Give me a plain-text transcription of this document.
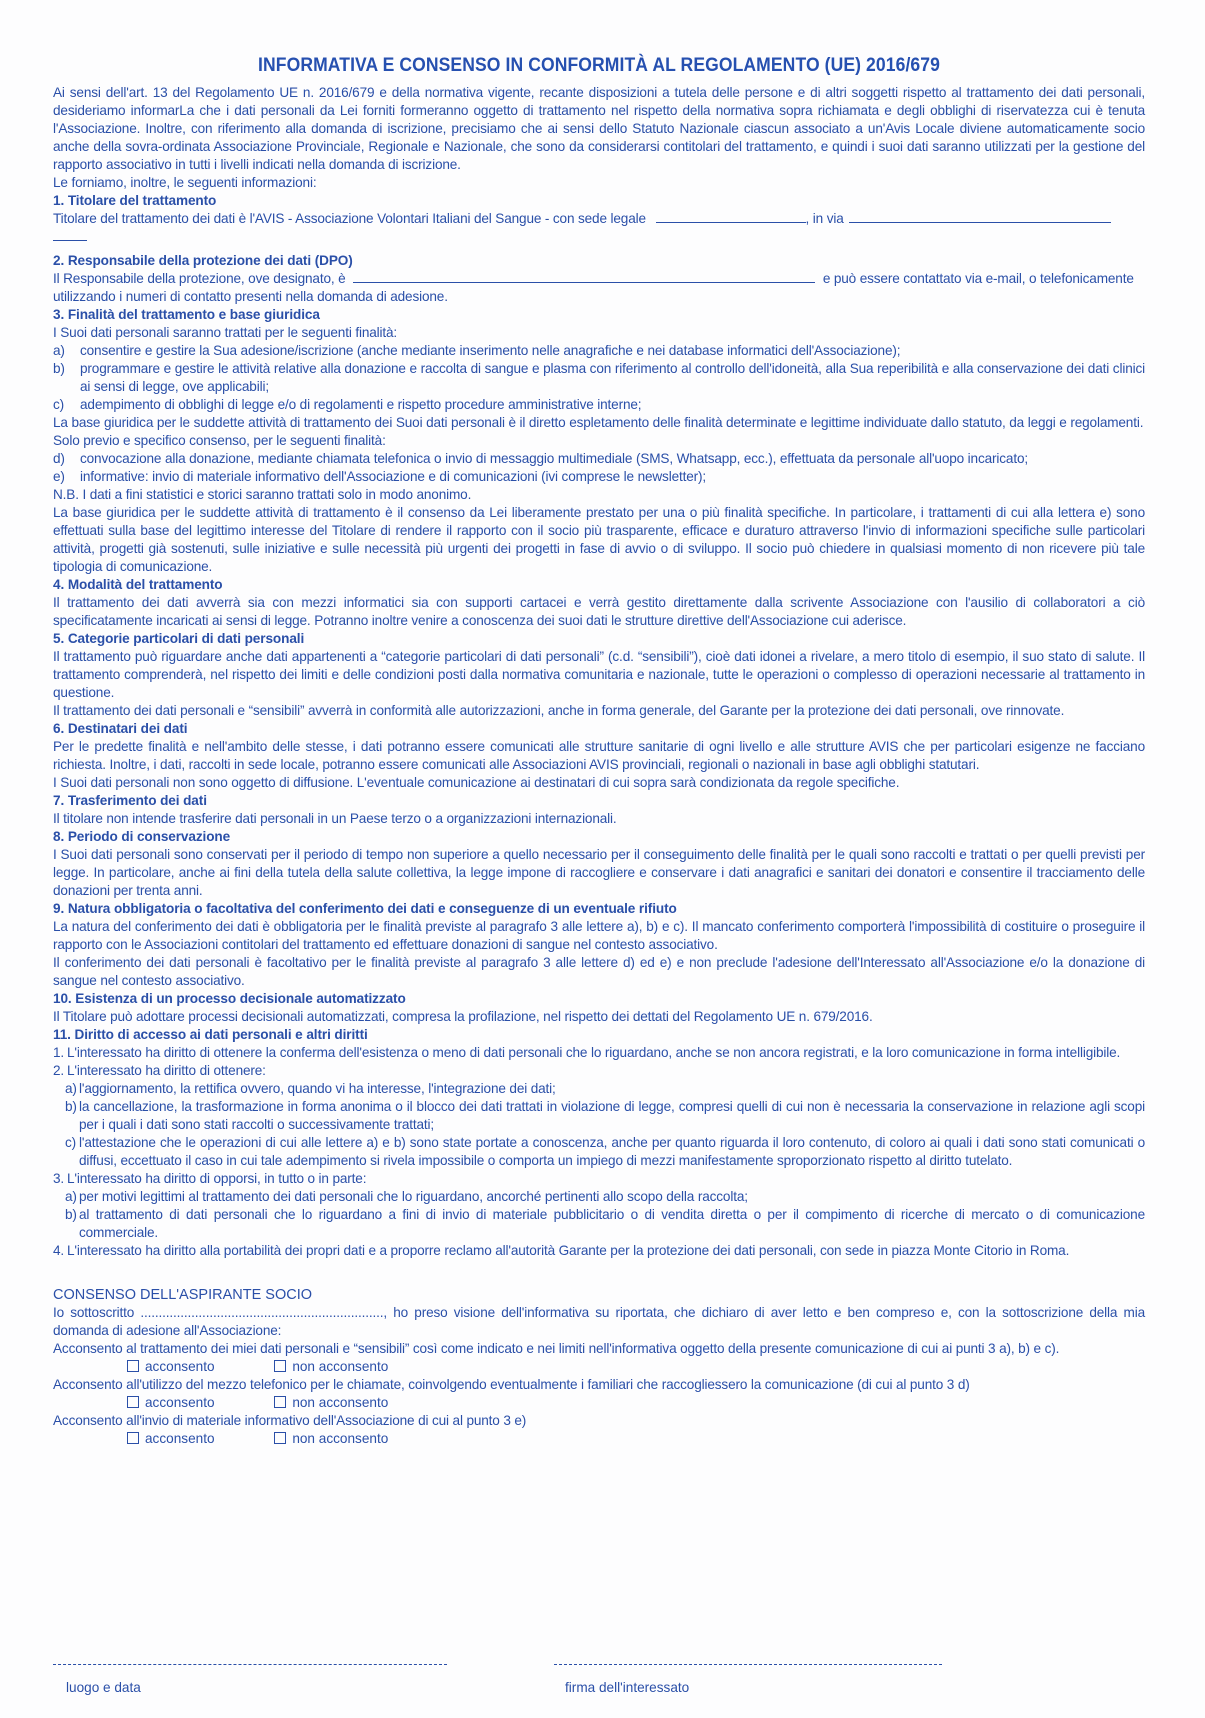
INFORMATIVA E CONSENSO IN CONFORMITÀ AL REGOLAMENTO (UE) 2016/679

Ai sensi dell'art. 13 del Regolamento UE n. 2016/679 e della normativa vigente, recante disposizioni a tutela delle persone e di altri soggetti rispetto al trattamento dei dati personali, desideriamo informarLa che i dati personali da Lei forniti formeranno oggetto di trattamento nel rispetto della normativa sopra richiamata e degli obblighi di riservatezza cui è tenuta l'Associazione. Inoltre, con riferimento alla domanda di iscrizione, precisiamo che ai sensi dello Statuto Nazionale ciascun associato a un'Avis Locale diviene automaticamente socio anche della sovra-ordinata Associazione Provinciale, Regionale e Nazionale, che sono da considerarsi contitolari del trattamento, e quindi i suoi dati saranno utilizzati per la gestione del rapporto associativo in tutti i livelli indicati nella domanda di iscrizione.

Le forniamo, inoltre, le seguenti informazioni:

1. Titolare del trattamento

Titolare del trattamento dei dati è l'AVIS - Associazione Volontari Italiani del Sangue - con sede legale	, in via

2. Responsabile della protezione dei dati (DPO)

Il Responsabile della protezione, ove designato, è	e può essere contattato via e-mail, o telefonicamente

utilizzando i numeri di contatto presenti nella domanda di adesione.

3. Finalità del trattamento e base giuridica

I Suoi dati personali saranno trattati per le seguenti finalità:

a)	consentire e gestire la Sua adesione/iscrizione (anche mediante inserimento nelle anagrafiche e nei database informatici dell'Associazione);
b)	programmare e gestire le attività relative alla donazione e raccolta di sangue e plasma con riferimento al controllo dell'idoneità, alla Sua reperibilità e alla conservazione dei dati clinici ai sensi di legge, ove applicabili;
c)	adempimento di obblighi di legge e/o di regolamenti e rispetto procedure amministrative interne;

La base giuridica per le suddette attività di trattamento dei Suoi dati personali è il diretto espletamento delle finalità determinate e legittime individuate dallo statuto, da leggi e regolamenti.

Solo previo e specifico consenso, per le seguenti finalità:

d)	convocazione alla donazione, mediante chiamata telefonica o invio di messaggio multimediale (SMS, Whatsapp, ecc.), effettuata da personale all'uopo incaricato;
e)	informative: invio di materiale informativo dell'Associazione e di comunicazioni (ivi comprese le newsletter);

N.B. I dati a fini statistici e storici saranno trattati solo in modo anonimo.

La base giuridica per le suddette attività di trattamento è il consenso da Lei liberamente prestato per una o più finalità specifiche. In particolare, i trattamenti di cui alla lettera e) sono effettuati sulla base del legittimo interesse del Titolare di rendere il rapporto con il socio più trasparente, efficace e duraturo attraverso l'invio di informazioni specifiche sulle particolari attività, progetti già sostenuti, sulle iniziative e sulle necessità più urgenti dei progetti in fase di avvio o di sviluppo. Il socio può chiedere in qualsiasi momento di non ricevere più tale tipologia di comunicazione.

4. Modalità del trattamento

Il trattamento dei dati avverrà sia con mezzi informatici sia con supporti cartacei e verrà gestito direttamente dalla scrivente Associazione con l'ausilio di collaboratori a ciò specificatamente incaricati ai sensi di legge. Potranno inoltre venire a conoscenza dei suoi dati le strutture direttive dell'Associazione cui aderisce.

5. Categorie particolari di dati personali

Il trattamento può riguardare anche dati appartenenti a “categorie particolari di dati personali” (c.d. “sensibili”), cioè dati idonei a rivelare, a mero titolo di esempio, il suo stato di salute. Il trattamento comprenderà, nel rispetto dei limiti e delle condizioni posti dalla normativa comunitaria e nazionale, tutte le operazioni o complesso di operazioni necessarie al trattamento in questione.

Il trattamento dei dati personali e “sensibili” avverrà in conformità alle autorizzazioni, anche in forma generale, del Garante per la protezione dei dati personali, ove rinnovate.

6. Destinatari dei dati

Per le predette finalità e nell'ambito delle stesse, i dati potranno essere comunicati alle strutture sanitarie di ogni livello e alle strutture AVIS che per particolari esigenze ne facciano richiesta. Inoltre, i dati, raccolti in sede locale, potranno essere comunicati alle Associazioni AVIS provinciali, regionali o nazionali in base agli obblighi statutari.

I Suoi dati personali non sono oggetto di diffusione. L'eventuale comunicazione ai destinatari di cui sopra sarà condizionata da regole specifiche.

7. Trasferimento dei dati

Il titolare non intende trasferire dati personali in un Paese terzo o a organizzazioni internazionali.

8. Periodo di conservazione

I Suoi dati personali sono conservati per il periodo di tempo non superiore a quello necessario per il conseguimento delle finalità per le quali sono raccolti e trattati o per quelli previsti per legge. In particolare, anche ai fini della tutela della salute collettiva, la legge impone di raccogliere e conservare i dati anagrafici e sanitari dei donatori e consentire il tracciamento delle donazioni per trenta anni.

9. Natura obbligatoria o facoltativa del conferimento dei dati e conseguenze di un eventuale rifiuto

La natura del conferimento dei dati è obbligatoria per le finalità previste al paragrafo 3 alle lettere a), b) e c). Il mancato conferimento comporterà l'impossibilità di costituire o proseguire il rapporto con le Associazioni contitolari del trattamento ed effettuare donazioni di sangue nel contesto associativo.

Il conferimento dei dati personali è facoltativo per le finalità previste al paragrafo 3 alle lettere d) ed e) e non preclude l'adesione dell'Interessato all'Associazione e/o la donazione di sangue nel contesto associativo.

10. Esistenza di un processo decisionale automatizzato

Il Titolare può adottare processi decisionali automatizzati, compresa la profilazione, nel rispetto dei dettati del Regolamento UE n. 679/2016.

11. Diritto di accesso ai dati personali e altri diritti

1. L'interessato ha diritto di ottenere la conferma dell'esistenza o meno di dati personali che lo riguardano, anche se non ancora registrati, e la loro comunicazione in forma intelligibile.
2. L'interessato ha diritto di ottenere:
a) l'aggiornamento, la rettifica ovvero, quando vi ha interesse, l'integrazione dei dati;
b) la cancellazione, la trasformazione in forma anonima o il blocco dei dati trattati in violazione di legge, compresi quelli di cui non è necessaria la conservazione in relazione agli scopi per i quali i dati sono stati raccolti o successivamente trattati;
c) l'attestazione che le operazioni di cui alle lettere a) e b) sono state portate a conoscenza, anche per quanto riguarda il loro contenuto, di coloro ai quali i dati sono stati comunicati o diffusi, eccettuato il caso in cui tale adempimento si rivela impossibile o comporta un impiego di mezzi manifestamente sproporzionato rispetto al diritto tutelato.
3. L'interessato ha diritto di opporsi, in tutto o in parte:
a) per motivi legittimi al trattamento dei dati personali che lo riguardano, ancorché pertinenti allo scopo della raccolta;
b) al trattamento di dati personali che lo riguardano a fini di invio di materiale pubblicitario o di vendita diretta o per il compimento di ricerche di mercato o di comunicazione commerciale.
4. L'interessato ha diritto alla portabilità dei propri dati e a proporre reclamo all'autorità Garante per la protezione dei dati personali, con sede in piazza Monte Citorio in Roma.

CONSENSO DELL'ASPIRANTE SOCIO

Io sottoscritto ..................................................................., ho preso visione dell'informativa su riportata, che dichiaro di aver letto e ben compreso e, con la sottoscrizione della mia domanda di adesione all'Associazione:

Acconsento al trattamento dei miei dati personali e “sensibili” così come indicato e nei limiti nell'informativa oggetto della presente comunicazione di cui ai punti 3 a), b) e c).

acconsento	non acconsento

Acconsento all'utilizzo del mezzo telefonico per le chiamate, coinvolgendo eventualmente i familiari che raccogliessero la comunicazione (di cui al punto 3 d)

acconsento	non acconsento

Acconsento all'invio di materiale informativo dell'Associazione di cui al punto 3 e)

acconsento	non acconsento
luogo e data	firma dell'interessato
